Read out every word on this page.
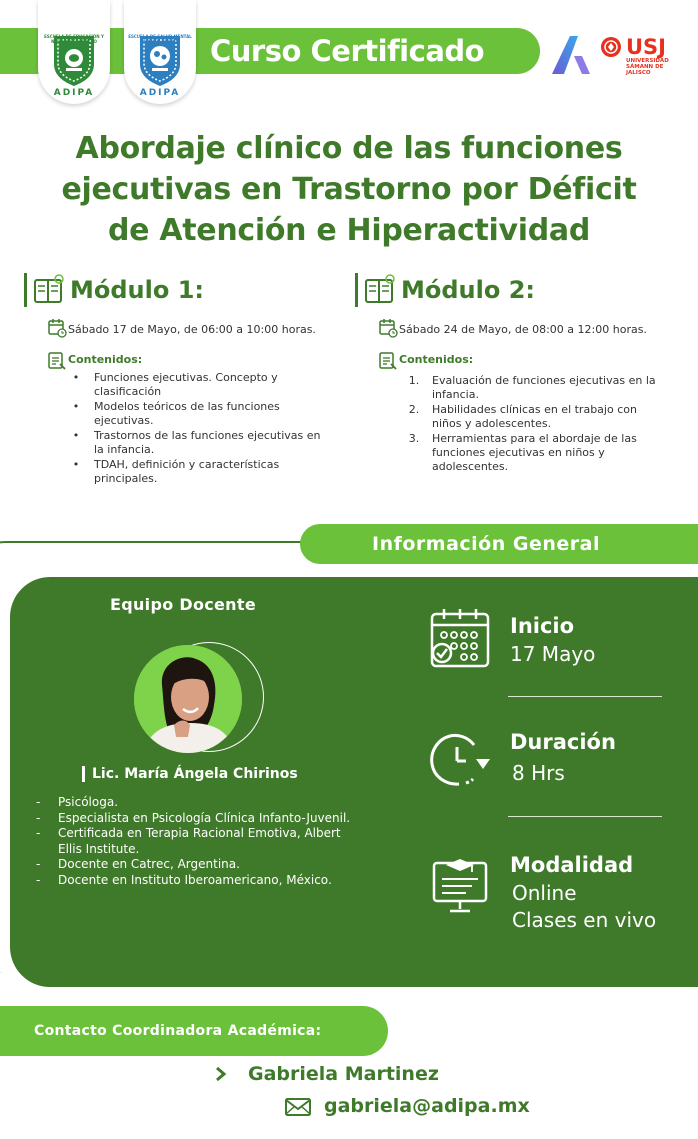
ESCUELA DE EDUCACIÓN Y NEURODESARROLLO
ADIPA
ESCUELA DE SALUD MENTAL INFANTO JUVENIL
ADIPA
Curso Certificado	USJ
UNIVERSIDAD SÁMANN DE JALISCO
Abordaje clínico de las funciones
ejecutivas en Trastorno por Déficit
de Atención e Hiperactividad
Módulo 1:
Sábado 17 de Mayo, de 06:00 a 10:00 horas.
Contenidos:
•	Funciones ejecutivas. Concepto y
clasificación
•	Modelos teóricos de las funciones
ejecutivas.
•	Trastornos de las funciones ejecutivas en
la infancia.
•	TDAH, definición y características
principales.
Módulo 2:
Sábado 24 de Mayo, de 08:00 a 12:00 horas.
Contenidos:
1.	Evaluación de funciones ejecutivas en la
infancia.
2.	Habilidades clínicas en el trabajo con
niños y adolescentes.
3.	Herramientas para el abordaje de las
funciones ejecutivas en niños y
adolescentes.
Información General
Equipo Docente
Lic. María Ángela Chirinos
- Psicóloga.
- Especialista en Psicología Clínica Infanto-Juvenil.
- Certificada en Terapia Racional Emotiva, Albert
Ellis Institute.
- Docente en Catrec, Argentina.
- Docente en Instituto Iberoamericano, México.
Inicio
17 Mayo
Duración
8 Hrs
Modalidad
Online
Clases en vivo
Contacto Coordinadora Académica:
Gabriela Martinez
gabriela@adipa.mx
